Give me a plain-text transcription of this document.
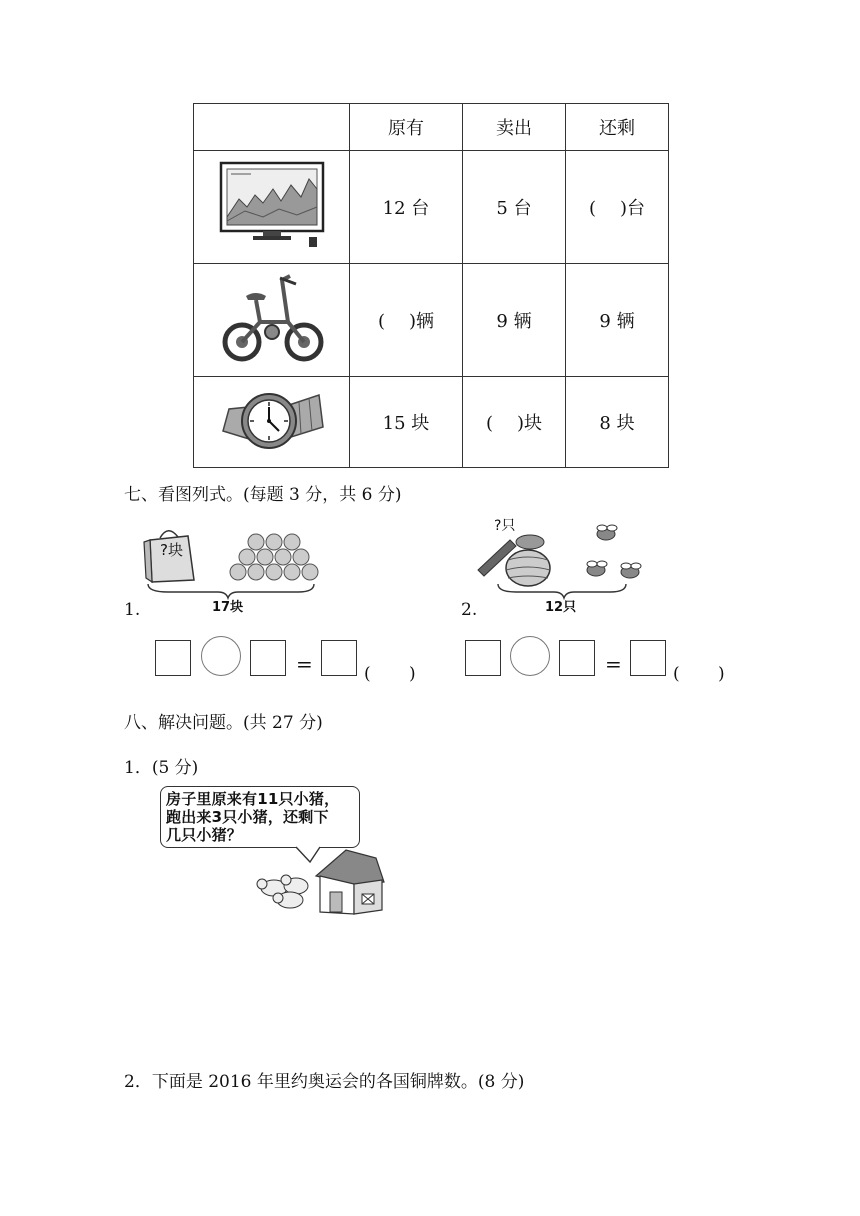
	原有	卖出	还剩
	12 台	5 台	( )台
	( )辆	9 辆	9 辆
	15 块	( )块	8 块
七、看图列式。(每题 3 分，共 6 分)
?块
17块
1.
?只
12只
2.
=	( )	=	( )
八、解决问题。(共 27 分)
1．(5 分)
房子里原来有11只小猪，
跑出来3只小猪，还剩下
几只小猪？
2．下面是 2016 年里约奥运会的各国铜牌数。(8 分)
